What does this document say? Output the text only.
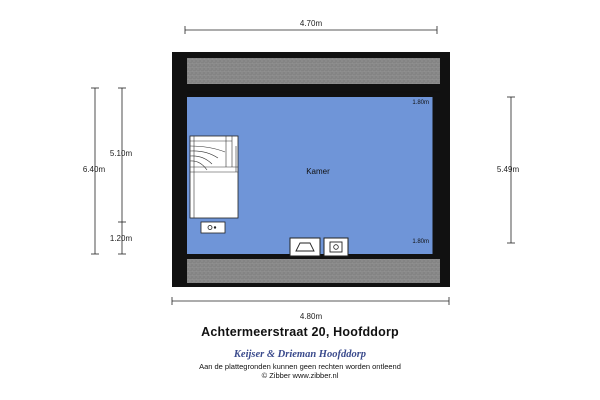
Kamer
1.80m
1.80m
4.70m
4.80m
6.40m
5.10m
1.20m
5.49m
Achtermeerstraat 20, Hoofddorp
Keijser & Drieman Hoofddorp
Aan de plattegronden kunnen geen rechten worden ontleend
© Zibber www.zibber.nl
